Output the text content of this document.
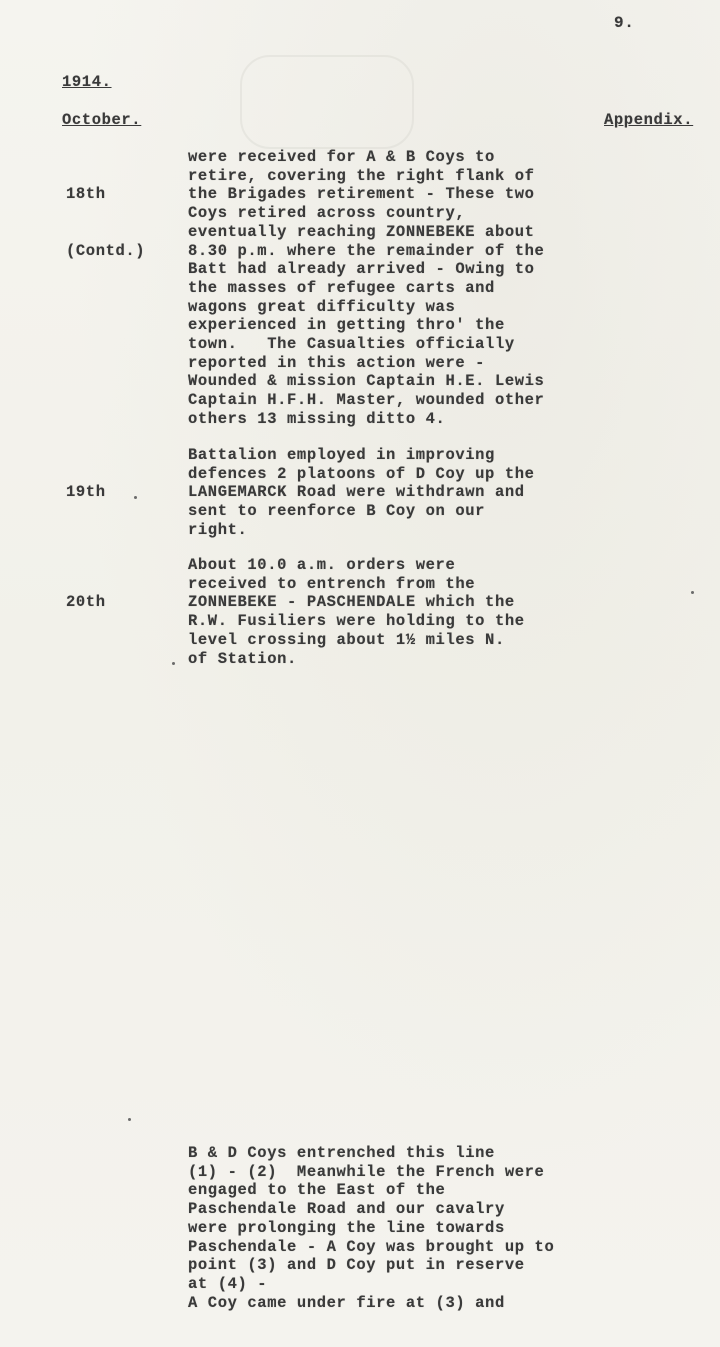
9.
1914.
October.	Appendix.

18th

(Contd.)

were received for A & B Coys to
retire, covering the right flank of
the Brigades retirement - These two
Coys retired across country,
eventually reaching ZONNEBEKE about
8.30 p.m. where the remainder of the
Batt had already arrived - Owing to
the masses of refugee carts and
wagons great difficulty was
experienced in getting thro' the
town.   The Casualties officially
reported in this action were -
Wounded & mission Captain H.E. Lewis
Captain H.F.H. Master, wounded other
others 13 missing ditto 4.

19th

Battalion employed in improving
defences 2 platoons of D Coy up the
LANGEMARCK Road were withdrawn and
sent to reenforce B Coy on our
right.

20th

About 10.0 a.m. orders were
received to entrench from the
ZONNEBEKE - PASCHENDALE which the
R.W. Fusiliers were holding to the
level crossing about 1½ miles N.
of Station.
B & D Coys entrenched this line
(1) - (2)  Meanwhile the French were
engaged to the East of the
Paschendale Road and our cavalry
were prolonging the line towards
Paschendale - A Coy was brought up to
point (3) and D Coy put in reserve
at (4) -
A Coy came under fire at (3) and
